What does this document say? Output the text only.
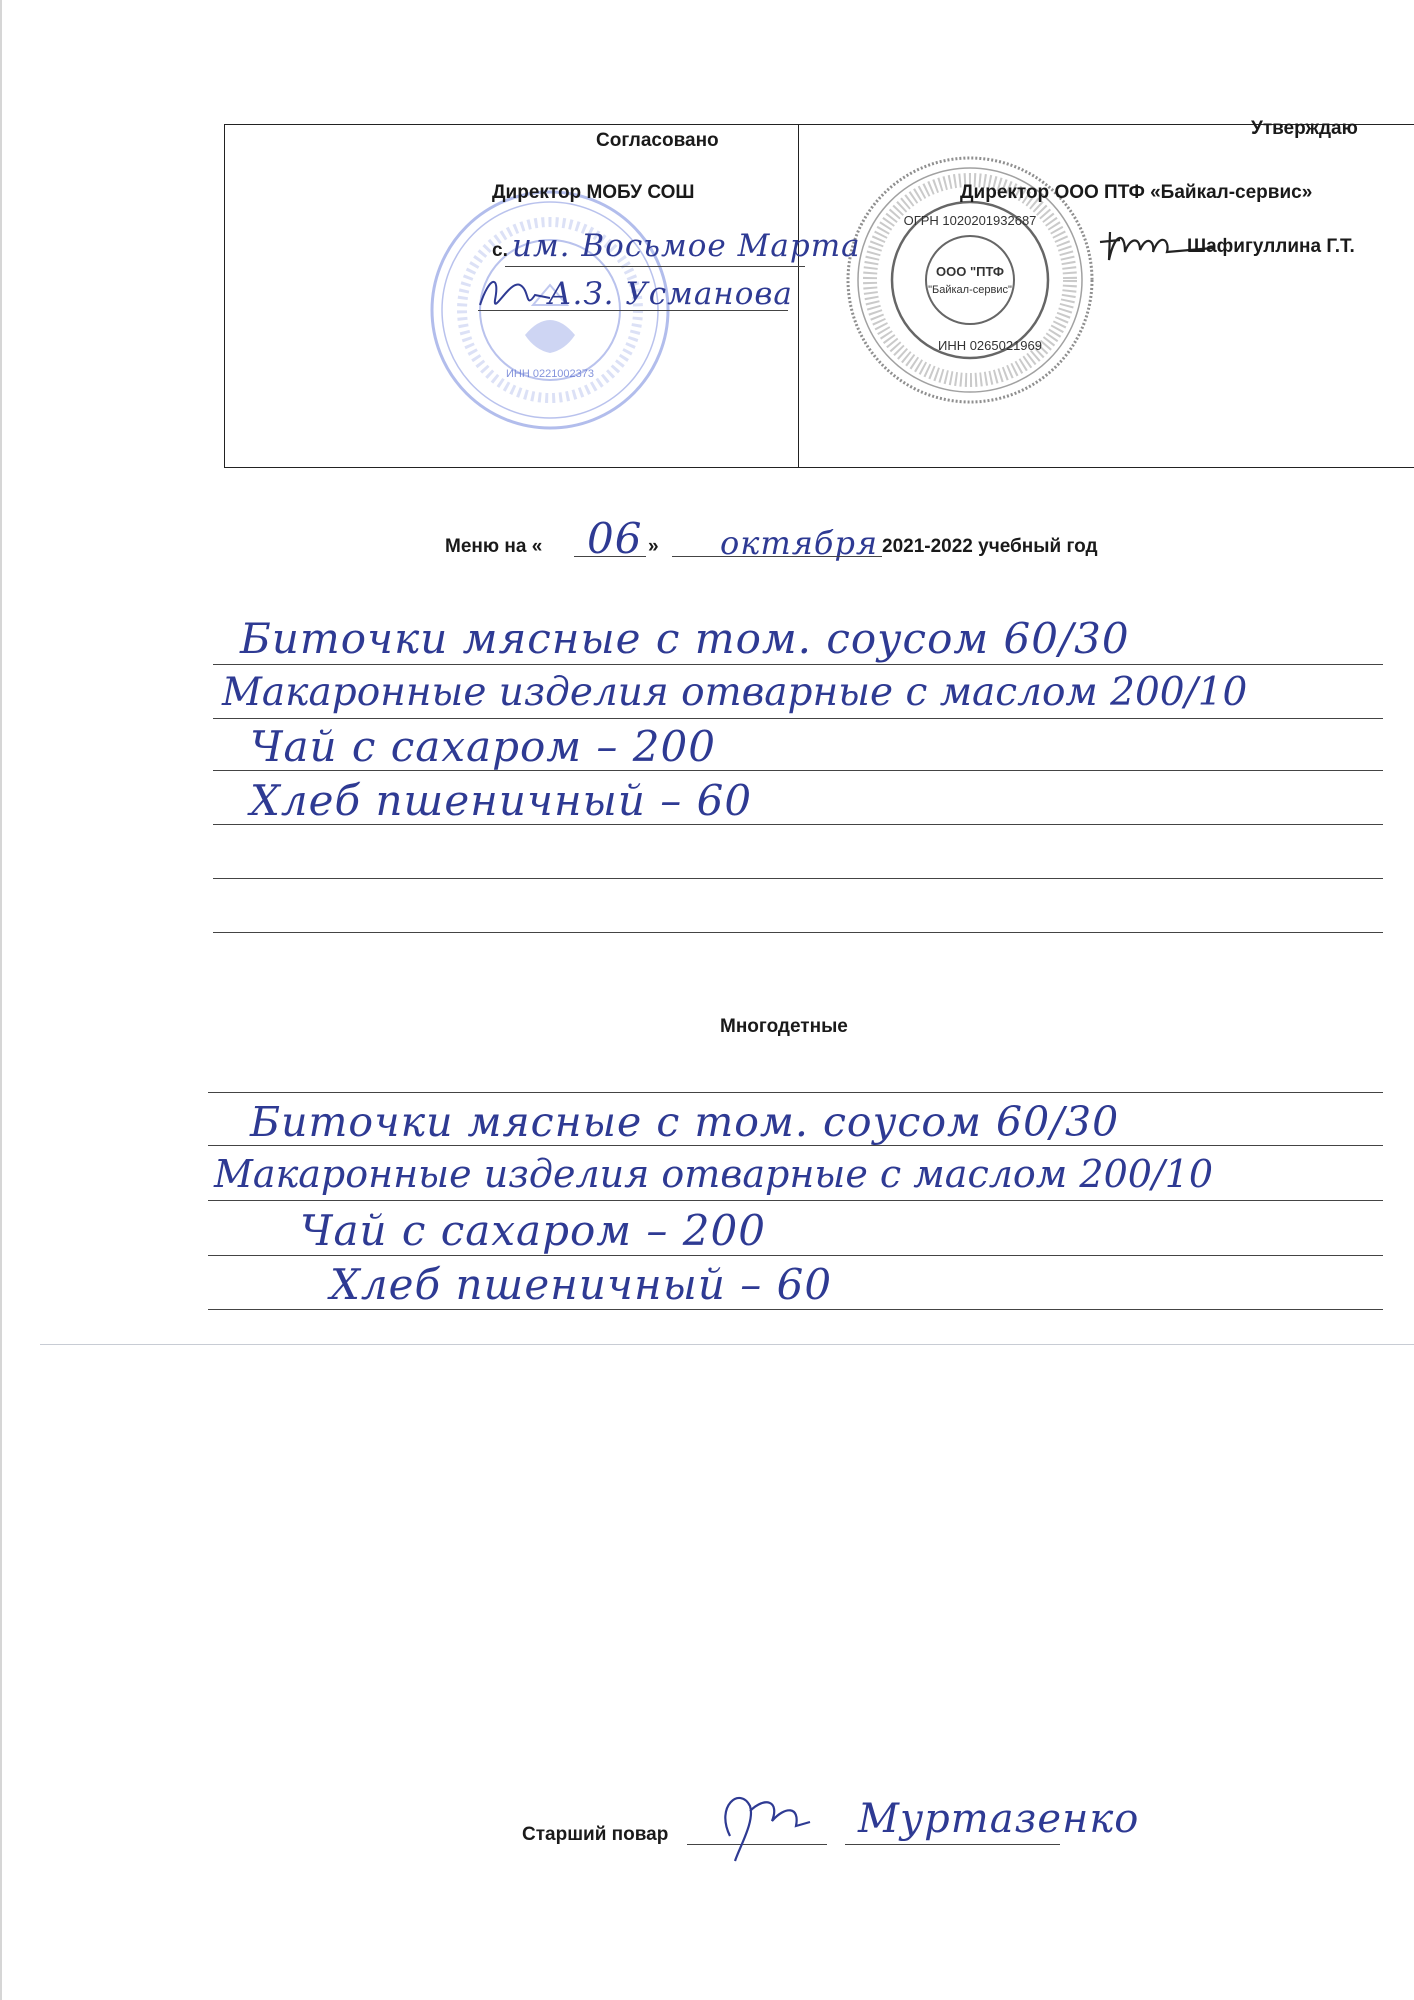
ИНН 0221002373
ООО "ПТФ
"Байкал-сервис"
ОГРН 1020201932687
ИНН 0265021969
Согласовано
Директор МОБУ СОШ
с. им. Восьмое Марта
А.З. Усманова
Утверждаю
Директор ООО ПТФ «Байкал-сервис»
Шафигуллина Г.Т.
Меню на « 06 » октября 2021-2022 учебный год
Биточки мясные с том. соусом 60/30
Макаронные изделия отварные с маслом 200/10
Чай с сахаром – 200
Хлеб пшеничный – 60
Многодетные
Биточки мясные с том. соусом 60/30
Макаронные изделия отварные с маслом 200/10
Чай с сахаром – 200
Хлеб пшеничный – 60
Старший повар	Муртазенко
